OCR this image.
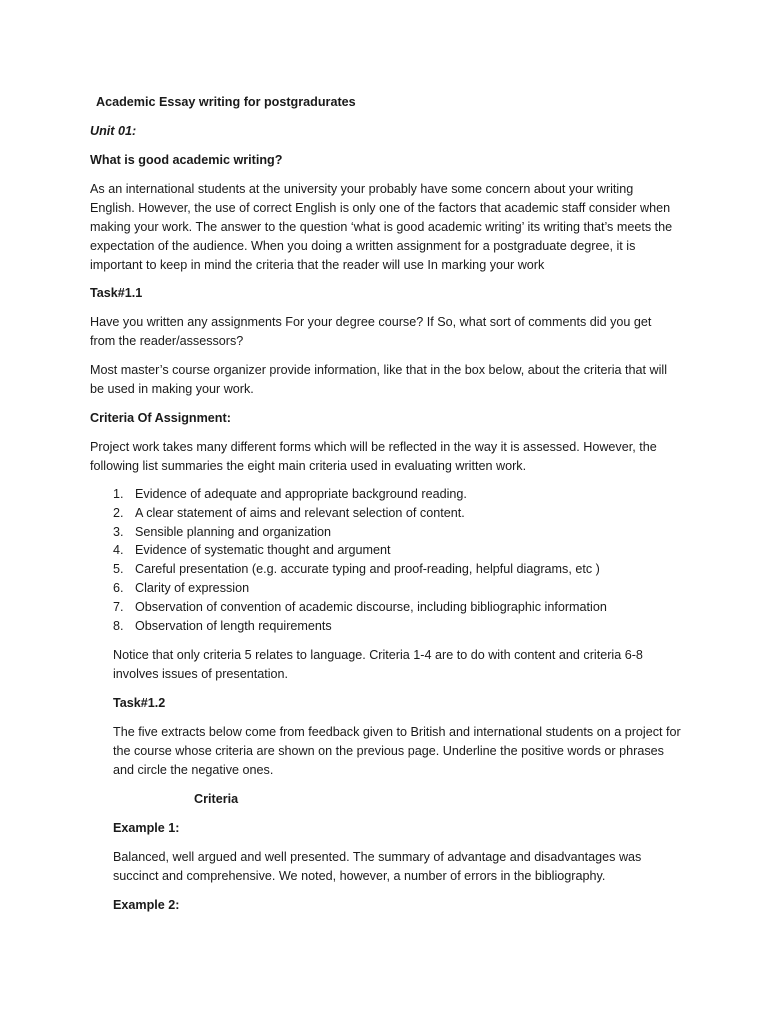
Academic Essay writing for postgradurates

Unit 01:

What is good academic writing?

As an international students at the university your probably have some concern about your writing English. However, the use of correct English is only one of the factors that academic staff consider when making your work. The answer to the question ‘what is good academic writing’ its writing that’s meets the expectation of the audience. When you doing a written assignment for a postgraduate degree, it is important to keep in mind the criteria that the reader will use In marking your work

Task#1.1

Have you written any assignments For your degree course? If So, what sort of comments did you get from the reader/assessors?

Most master’s course organizer provide information, like that in the box below, about the criteria that will be used in making your work.

Criteria Of Assignment:

Project work takes many different forms which will be reflected in the way it is assessed. However, the following list summaries the eight main criteria used in evaluating written work.

1. Evidence of adequate and appropriate background reading.
2. A clear statement of aims and relevant selection of content.
3. Sensible planning and organization
4. Evidence of systematic thought and argument
5. Careful presentation (e.g. accurate typing and proof-reading, helpful diagrams, etc )
6. Clarity of expression
7. Observation of convention of academic discourse, including bibliographic information
8. Observation of length requirements

Notice that only criteria 5 relates to language. Criteria 1-4 are to do with content and criteria 6-8 involves issues of presentation.

Task#1.2

The five extracts below come from feedback given to British and international students on a project for the course whose criteria are shown on the previous page. Underline the positive words or phrases and circle the negative ones.

Criteria

Example 1:

Balanced, well argued and well presented. The summary of advantage and disadvantages was succinct and comprehensive. We noted, however, a number of errors in the bibliography.

Example 2:
